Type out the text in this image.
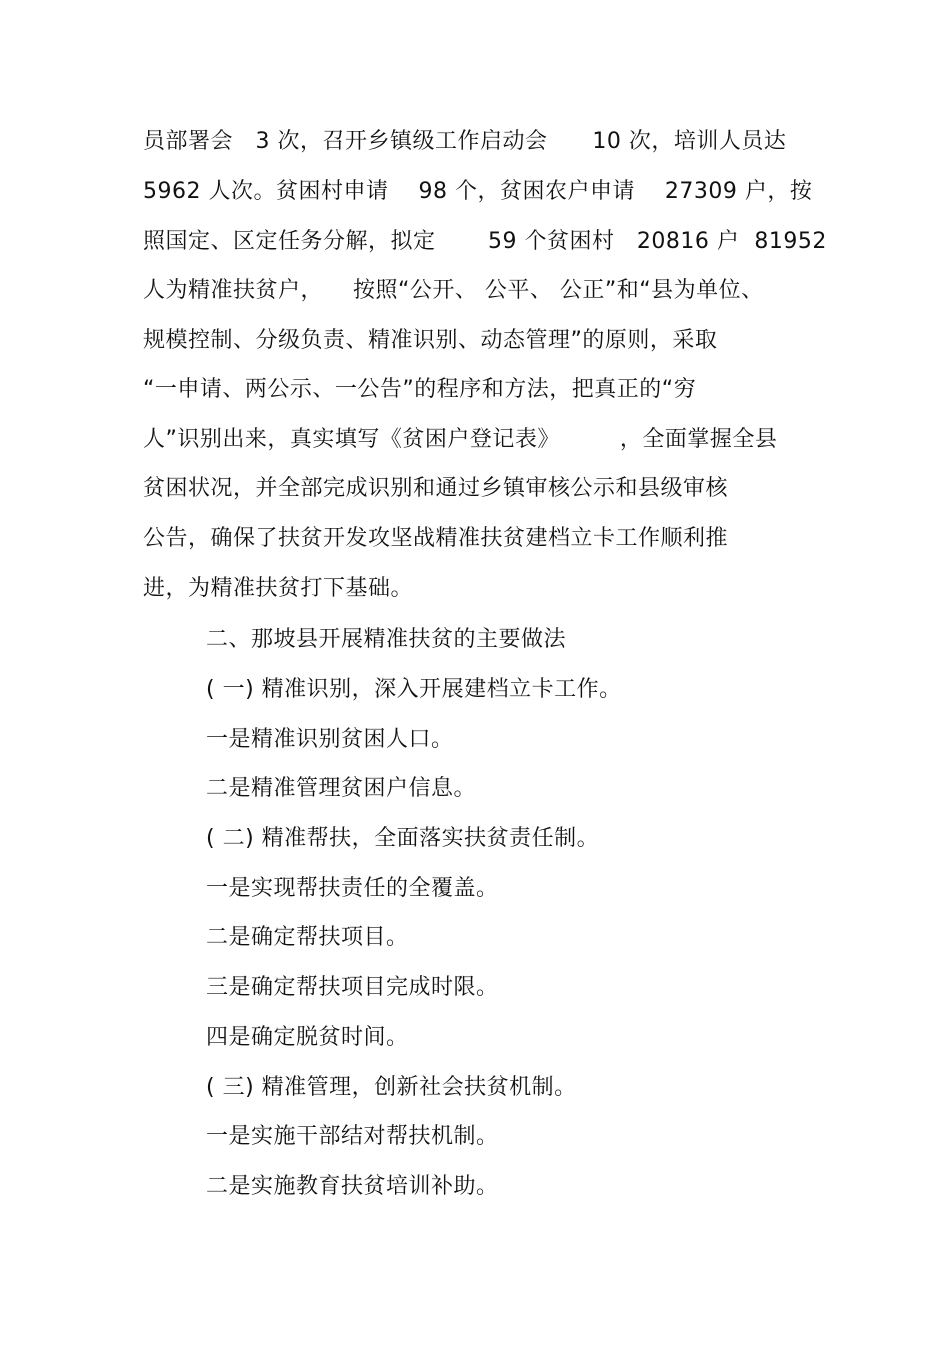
员部署会   3 次，召开乡镇级工作启动会      10 次，培训人员达
5962 人次。贫困村申请    98 个，贫困农户申请    27309 户，按
照国定、区定任务分解，拟定       59 个贫困村   20816 户  81952
人为精准扶贫户，    按照“公开、 公平、 公正”和“县为单位、
规模控制、分级负责、精准识别、动态管理”的原则，采取
“一申请、两公示、一公告”的程序和方法，把真正的“穷
人”识别出来，真实填写《贫困户登记表》        ，全面掌握全县
贫困状况，并全部完成识别和通过乡镇审核公示和县级审核
公告，确保了扶贫开发攻坚战精准扶贫建档立卡工作顺利推
进，为精准扶贫打下基础。
二、那坡县开展精准扶贫的主要做法
( 一) 精准识别，深入开展建档立卡工作。
一是精准识别贫困人口。
二是精准管理贫困户信息。
( 二) 精准帮扶，全面落实扶贫责任制。
一是实现帮扶责任的全覆盖。
二是确定帮扶项目。
三是确定帮扶项目完成时限。
四是确定脱贫时间。
( 三) 精准管理，创新社会扶贫机制。
一是实施干部结对帮扶机制。
二是实施教育扶贫培训补助。
